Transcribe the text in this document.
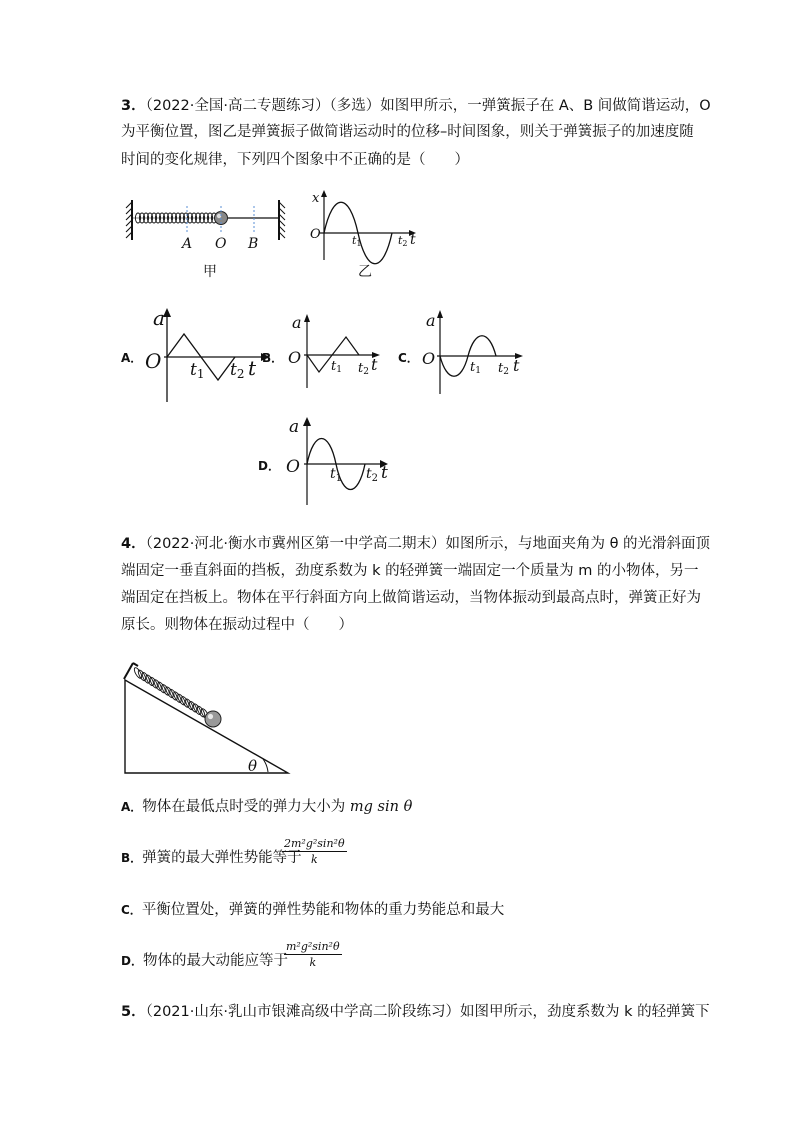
3．（2022·全国·高二专题练习）（多选）如图甲所示，一弹簧振子在 A、B 间做简谐运动，O
为平衡位置，图乙是弹簧振子做简谐运动时的位移–时间图象，则关于弹簧振子的加速度随
时间的变化规律，下列四个图象中不正确的是（　　）
A O B
甲
x
O	t1	t2 t
乙
A．
a
O t1 t2 t B．
a
O t1 t2 t C．
a
O	t1 t2 t
D．
a
O $t_1$ $t_2$ t
4．（2022·河北·衡水市冀州区第一中学高二期末）如图所示，与地面夹角为 θ 的光滑斜面顶
端固定一垂直斜面的挡板，劲度系数为 k 的轻弹簧一端固定一个质量为 m 的小物体，另一
端固定在挡板上。物体在平行斜面方向上做简谐运动，当物体振动到最高点时，弹簧正好为
原长。则物体在振动过程中（　　）
θ
A．物体在最低点时受的弹力大小为 mg sin θ
B．弹簧的最大弹性势能等于
$\frac{\text{2m²g²sin²θ}}{k}$
C．平衡位置处，弹簧的弹性势能和物体的重力势能总和最大
D．物体的最大动能应等于
$\frac{\text{m²g²sin²θ}}{k}$
5．（2021·山东·乳山市银滩高级中学高二阶段练习）如图甲所示，劲度系数为 k 的轻弹簧下
